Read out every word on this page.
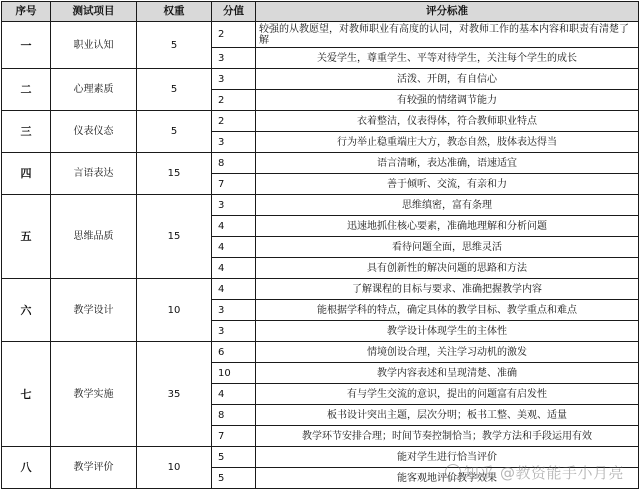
序号	测试项目	权重	分值	评分标准
一	职业认知	5	2	较强的从教愿望，对教师职业有高度的认同，对教师工作的基本内容和职责有清楚了解
			3	关爱学生，尊重学生、平等对待学生，关注每个学生的成长
二	心理素质	5	3	活泼、开朗，有自信心
			2	有较强的情绪调节能力
三	仪表仪态	5	2	衣着整洁，仪表得体，符合教师职业特点
			3	行为举止稳重端庄大方，教态自然，肢体表达得当
四	言语表达	15	8	语言清晰，表达准确，语速适宜
			7	善于倾听、交流，有亲和力
五	思维品质	15	3	思维缜密，富有条理
			4	迅速地抓住核心要素，准确地理解和分析问题
			4	看待问题全面，思维灵活
			4	具有创新性的解决问题的思路和方法
六	教学设计	10	4	了解课程的目标与要求、准确把握教学内容
			3	能根据学科的特点，确定具体的教学目标、教学重点和难点
			3	教学设计体现学生的主体性
七	教学实施	35	6	情境创设合理，关注学习动机的激发
			10	教学内容表述和呈现清楚、准确
			4	有与学生交流的意识，提出的问题富有启发性
			8	板书设计突出主题，层次分明；板书工整、美观、适量
			7	教学环节安排合理；时间节奏控制恰当；教学方法和手段运用有效
八	教学评价	10	5	能对学生进行恰当评价
			5	能客观地评价教学效果
知乎 @教资能手小月亮
